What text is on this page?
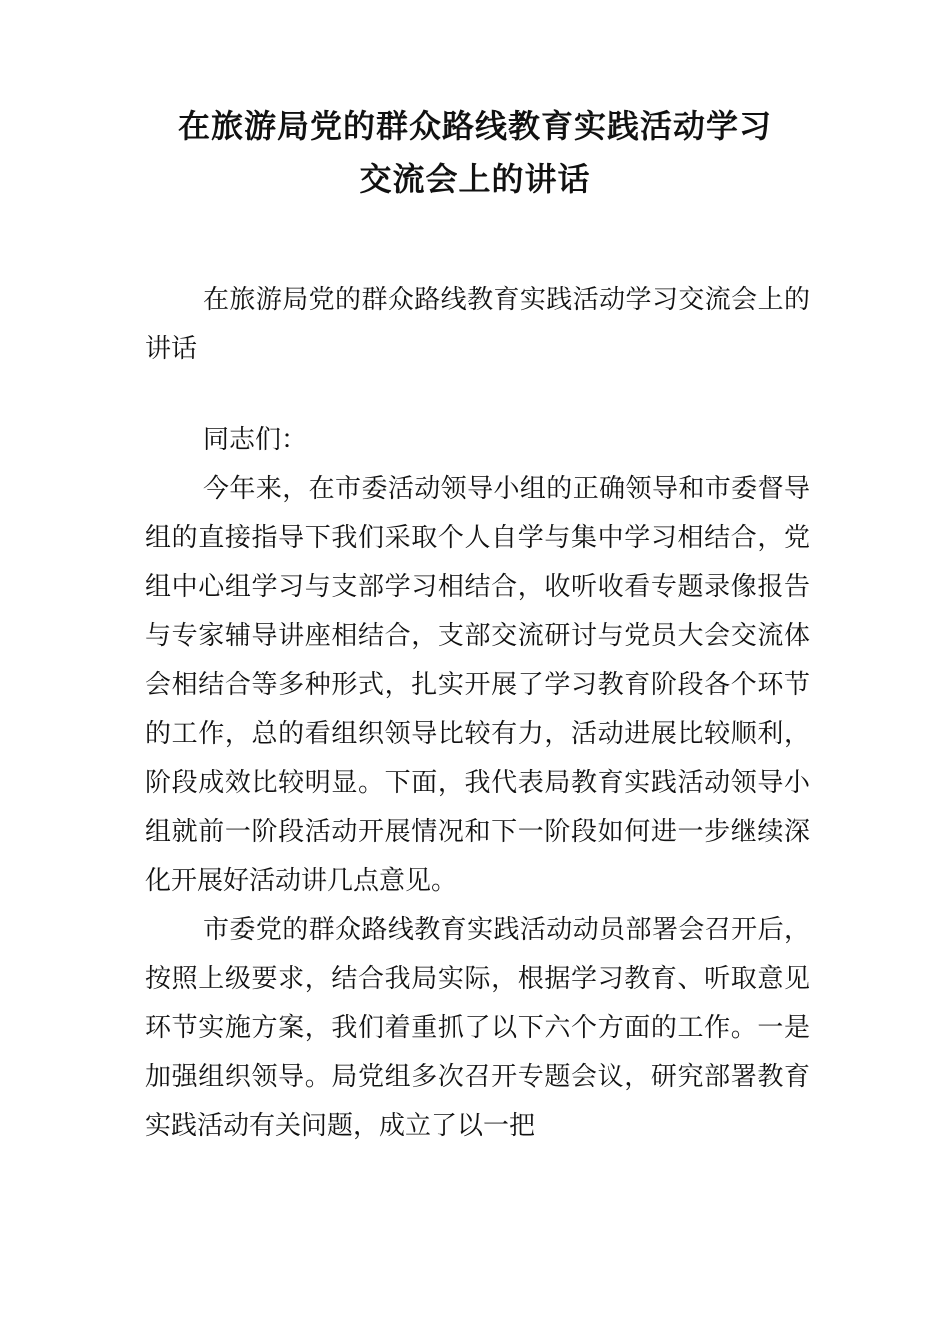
在旅游局党的群众路线教育实践活动学习
交流会上的讲话

在旅游局党的群众路线教育实践活动学习交流会上的讲话

同志们：

今年来，在市委活动领导小组的正确领导和市委督导组的直接指导下我们采取个人自学与集中学习相结合，党组中心组学习与支部学习相结合，收听收看专题录像报告与专家辅导讲座相结合，支部交流研讨与党员大会交流体会相结合等多种形式，扎实开展了学习教育阶段各个环节的工作，总的看组织领导比较有力，活动进展比较顺利，阶段成效比较明显。下面，我代表局教育实践活动领导小组就前一阶段活动开展情况和下一阶段如何进一步继续深化开展好活动讲几点意见。

市委党的群众路线教育实践活动动员部署会召开后，按照上级要求，结合我局实际，根据学习教育、听取意见环节实施方案，我们着重抓了以下六个方面的工作。一是加强组织领导。局党组多次召开专题会议，研究部署教育实践活动有关问题，成立了以一把
